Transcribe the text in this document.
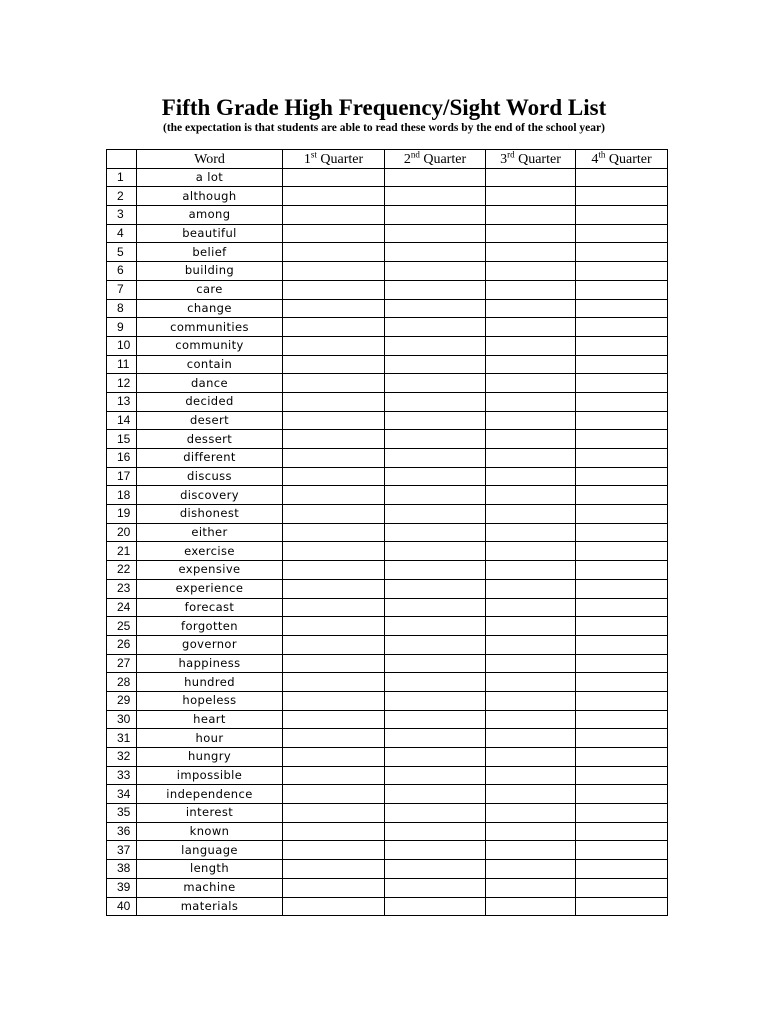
Fifth Grade High Frequency/Sight Word List

(the expectation is that students are able to read these words by the end of the school year)

	Word	1st Quarter	2nd Quarter	3rd Quarter	4th Quarter
1	a lot				
2	although				
3	among				
4	beautiful				
5	belief				
6	building				
7	care				
8	change				
9	communities				
10	community				
11	contain				
12	dance				
13	decided				
14	desert				
15	dessert				
16	different				
17	discuss				
18	discovery				
19	dishonest				
20	either				
21	exercise				
22	expensive				
23	experience				
24	forecast				
25	forgotten				
26	governor				
27	happiness				
28	hundred				
29	hopeless				
30	heart				
31	hour				
32	hungry				
33	impossible				
34	independence				
35	interest				
36	known				
37	language				
38	length				
39	machine				
40	materials				
